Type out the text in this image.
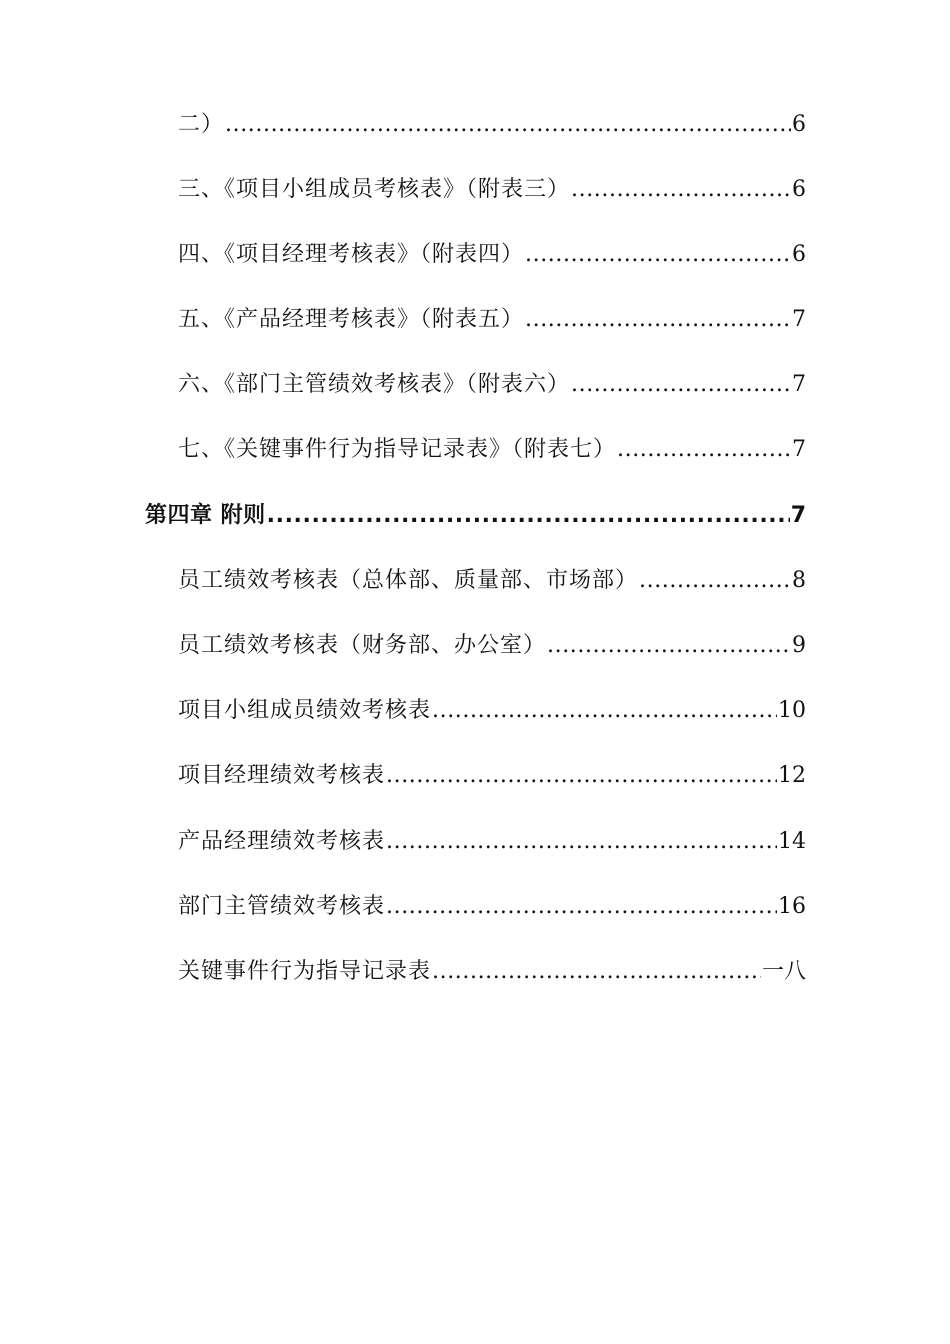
二） .....	6
三、《项目小组成员考核表》（附表三） .....	6
四、《项目经理考核表》（附表四） .....	6
五、《产品经理考核表》（附表五） .....	7
六、《部门主管绩效考核表》（附表六） .....	7
七、《关键事件行为指导记录表》（附表七） .....	7
第四章 附则 .....	7
员工绩效考核表（总体部、质量部、市场部） .....	8
员工绩效考核表（财务部、办公室） .....	9
项目小组成员绩效考核表 .....	10
项目经理绩效考核表 .....	12
产品经理绩效考核表 .....	14
部门主管绩效考核表 .....	16
关键事件行为指导记录表 .....	一八
